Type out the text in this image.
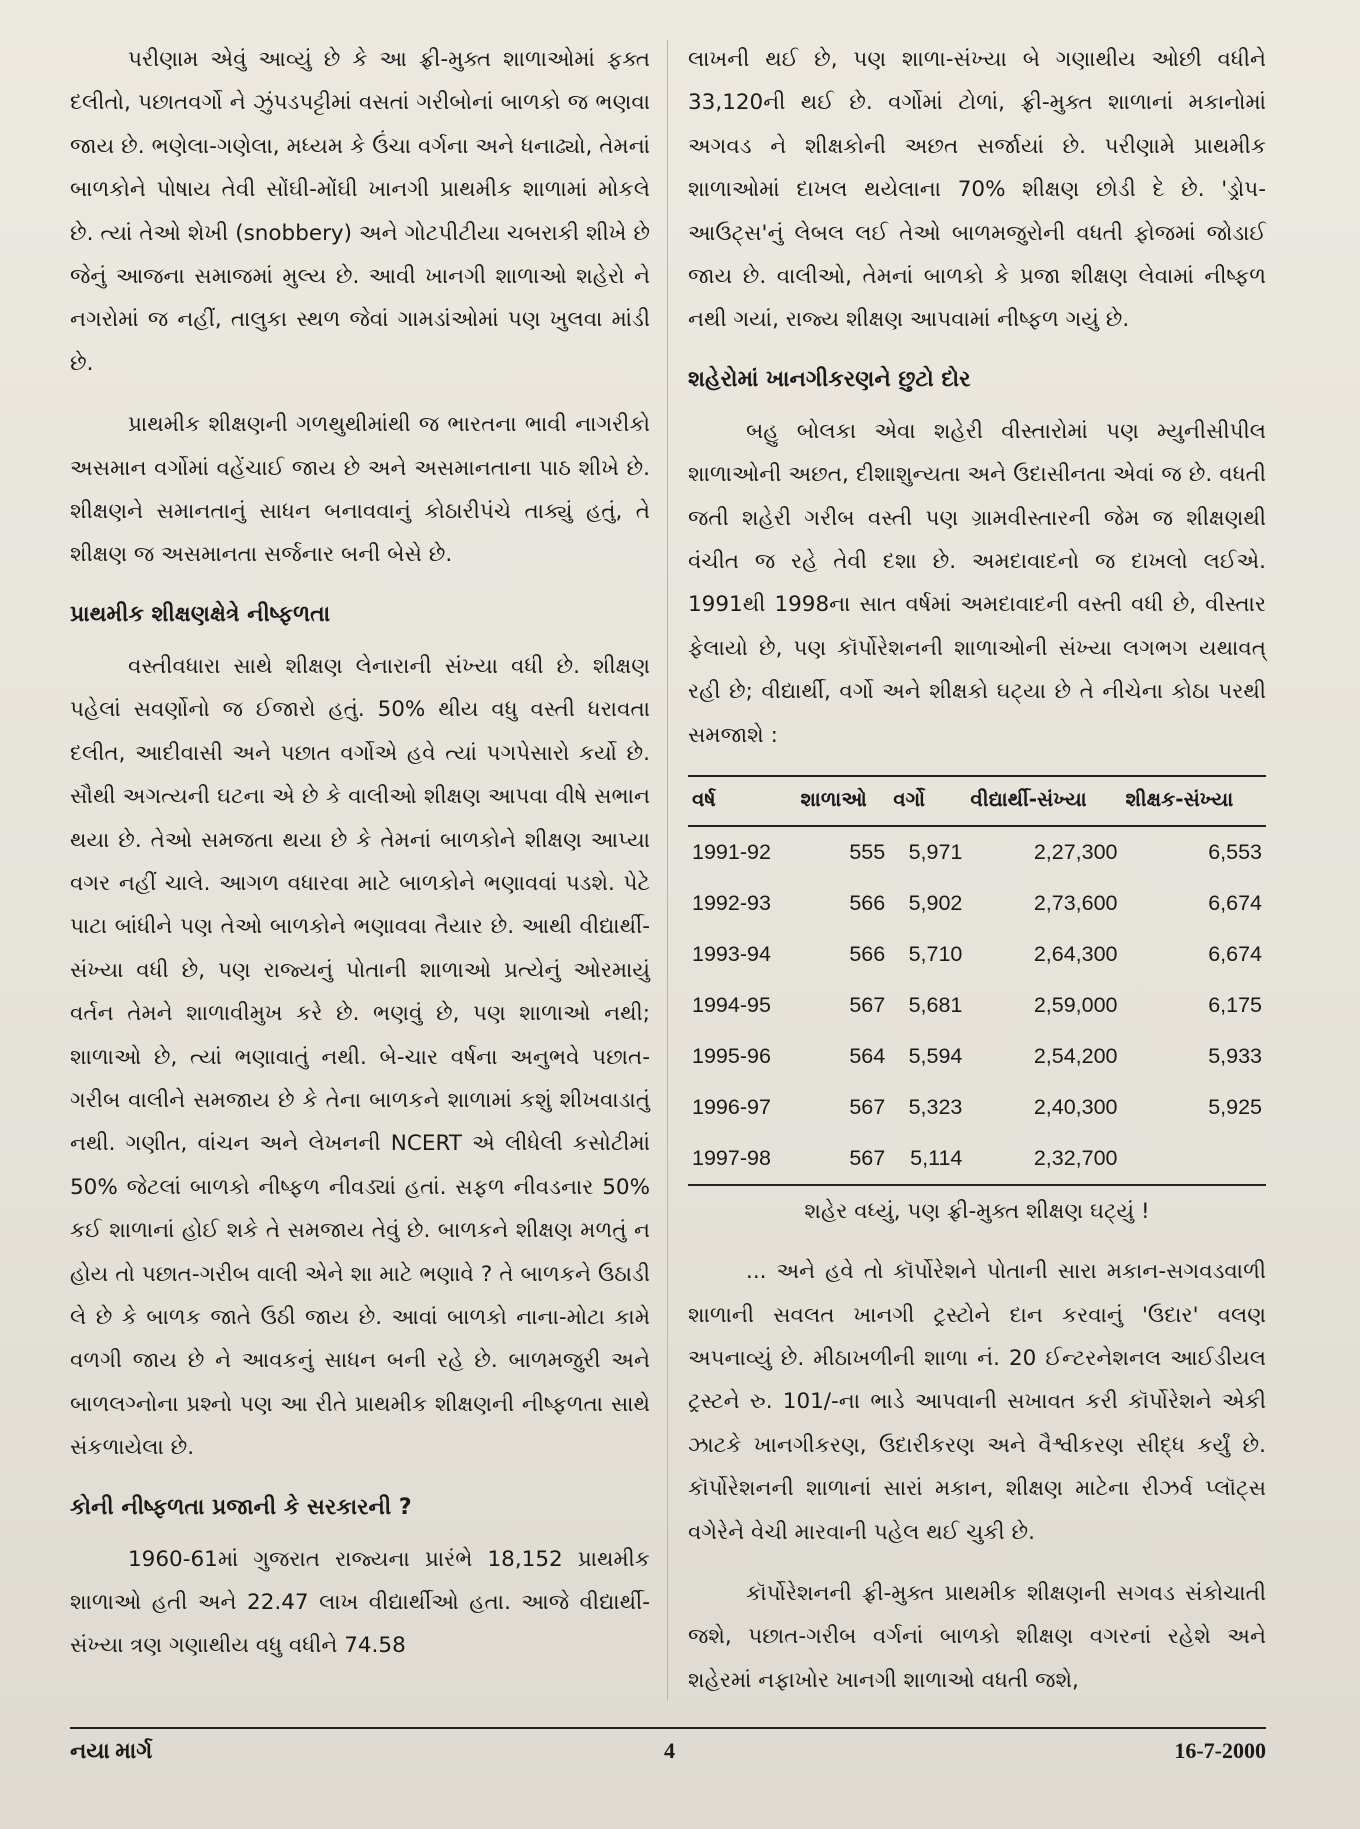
પરીણામ એવું આવ્યું છે કે આ ફ્રી-મુક્ત શાળાઓમાં ફક્ત દલીતો, પછાતવર્ગો ને ઝુંપડપટ્ટીમાં વસતાં ગરીબોનાં બાળકો જ ભણવા જાય છે. ભણેલા-ગણેલા, મધ્યમ કે ઉંચા વર્ગના અને ધનાઢ્યો, તેમનાં બાળકોને પોષાય તેવી સોંઘી-મોંઘી ખાનગી પ્રાથમીક શાળામાં મોકલે છે. ત્યાં તેઓ શેખી (snobbery) અને ગોટપીટીયા ચબરાકી શીખે છે જેનું આજના સમાજમાં મુલ્ય છે. આવી ખાનગી શાળાઓ શહેરો ને નગરોમાં જ નહીં, તાલુકા સ્થળ જેવાં ગામડાંઓમાં પણ ખુલવા માંડી છે.

પ્રાથમીક શીક્ષણની ગળથુથીમાંથી જ ભારતના ભાવી નાગરીકો અસમાન વર્ગોમાં વહેંચાઈ જાય છે અને અસમાનતાના પાઠ શીખે છે. શીક્ષણને સમાનતાનું સાધન બનાવવાનું કોઠારીપંચે તાક્યું હતું, તે શીક્ષણ જ અસમાનતા સર્જનાર બની બેસે છે.

પ્રાથમીક શીક્ષણક્ષેત્રે નીષ્ફળતા

વસ્તીવધારા સાથે શીક્ષણ લેનારાની સંખ્યા વધી છે. શીક્ષણ પહેલાં સવર્ણોનો જ ઈજારો હતું. 50% થીય વધુ વસ્તી ધરાવતા દલીત, આદીવાસી અને પછાત વર્ગોએ હવે ત્યાં પગપેસારો કર્યો છે. સૌથી અગત્યની ઘટના એ છે કે વાલીઓ શીક્ષણ આપવા વીષે સભાન થયા છે. તેઓ સમજતા થયા છે કે તેમનાં બાળકોને શીક્ષણ આપ્યા વગર નહીં ચાલે. આગળ વધારવા માટે બાળકોને ભણાવવાં પડશે. પેટે પાટા બાંધીને પણ તેઓ બાળકોને ભણાવવા તૈયાર છે. આથી વીદ્યાર્થી-સંખ્યા વધી છે, પણ રાજ્યનું પોતાની શાળાઓ પ્રત્યેનું ઓરમાયું વર્તન તેમને શાળાવીમુખ કરે છે. ભણવું છે, પણ શાળાઓ નથી; શાળાઓ છે, ત્યાં ભણાવાતું નથી. બે-ચાર વર્ષના અનુભવે પછાત-ગરીબ વાલીને સમજાય છે કે તેના બાળકને શાળામાં કશું શીખવાડાતું નથી. ગણીત, વાંચન અને લેખનની NCERT એ લીધેલી કસોટીમાં 50% જેટલાં બાળકો નીષ્ફળ નીવડ્યાં હતાં. સફળ નીવડનાર 50% કઈ શાળાનાં હોઈ શકે તે સમજાય તેવું છે. બાળકને શીક્ષણ મળતું ન હોય તો પછાત-ગરીબ વાલી એને શા માટે ભણાવે ? તે બાળકને ઉઠાડી લે છે કે બાળક જાતે ઉઠી જાય છે. આવાં બાળકો નાના-મોટા કામે વળગી જાય છે ને આવકનું સાધન બની રહે છે. બાળમજુરી અને બાળલગ્નોના પ્રશ્નો પણ આ રીતે પ્રાથમીક શીક્ષણની નીષ્ફળતા સાથે સંકળાયેલા છે.

કોની નીષ્ફળતા પ્રજાની કે સરકારની ?

1960-61માં ગુજરાત રાજ્યના પ્રારંભે 18,152 પ્રાથમીક શાળાઓ હતી અને 22.47 લાખ વીદ્યાર્થીઓ હતા. આજે વીદ્યાર્થી-સંખ્યા ત્રણ ગણાથીય વધુ વધીને 74.58

લાખની થઈ છે, પણ શાળા-સંખ્યા બે ગણાથીય ઓછી વધીને 33,120ની થઈ છે. વર્ગોમાં ટોળાં, ફ્રી-મુક્ત શાળાનાં મકાનોમાં અગવડ ને શીક્ષકોની અછત સર્જાયાં છે. પરીણામે પ્રાથમીક શાળાઓમાં દાખલ થયેલાના 70% શીક્ષણ છોડી દે છે. 'ડ્રોપ-આઉટ્સ'નું લેબલ લઈ તેઓ બાળમજુરોની વધતી ફોજમાં જોડાઈ જાય છે. વાલીઓ, તેમનાં બાળકો કે પ્રજા શીક્ષણ લેવામાં નીષ્ફળ નથી ગયાં, રાજ્ય શીક્ષણ આપવામાં નીષ્ફળ ગયું છે.

શહેરોમાં ખાનગીકરણને છુટો દોર

બહુ બોલકા એવા શહેરી વીસ્તારોમાં પણ મ્યુનીસીપીલ શાળાઓની અછત, દીશાશુન્યતા અને ઉદાસીનતા એવાં જ છે. વધતી જતી શહેરી ગરીબ વસ્તી પણ ગ્રામવીસ્તારની જેમ જ શીક્ષણથી વંચીત જ રહે તેવી દશા છે. અમદાવાદનો જ દાખલો લઈએ. 1991થી 1998ના સાત વર્ષમાં અમદાવાદની વસ્તી વધી છે, વીસ્તાર ફેલાયો છે, પણ કૉર્પોરેશનની શાળાઓની સંખ્યા લગભગ યથાવત્ રહી છે; વીદ્યાર્થી, વર્ગો અને શીક્ષકો ઘટ્યા છે તે નીચેના કોઠા પરથી સમજાશે :

વર્ષ	શાળાઓ	વર્ગો	વીદ્યાર્થી-સંખ્યા	શીક્ષક-સંખ્યા
1991-92	555	5,971	2,27,300	6,553
1992-93	566	5,902	2,73,600	6,674
1993-94	566	5,710	2,64,300	6,674
1994-95	567	5,681	2,59,000	6,175
1995-96	564	5,594	2,54,200	5,933
1996-97	567	5,323	2,40,300	5,925
1997-98	567	5,114	2,32,700	
શહેર વધ્યું, પણ ફ્રી-મુક્ત શીક્ષણ ઘટ્યું !

... અને હવે તો કૉર્પોરેશને પોતાની સારા મકાન-સગવડવાળી શાળાની સવલત ખાનગી ટ્રસ્ટોને દાન કરવાનું 'ઉદાર' વલણ અપનાવ્યું છે. મીઠાખળીની શાળા નં. 20 ઈન્ટરનેશનલ આઈડીયલ ટ્રસ્ટને રુ. 101/-ના ભાડે આપવાની સખાવત કરી કૉર્પોરેશને એકી ઝાટકે ખાનગીકરણ, ઉદારીકરણ અને વૈશ્વીકરણ સીદ્ધ કર્યું છે. કૉર્પોરેશનની શાળાનાં સારાં મકાન, શીક્ષણ માટેના રીઝર્વ પ્લૉટ્સ વગેરેને વેચી મારવાની પહેલ થઈ ચુકી છે.

કૉર્પોરેશનની ફ્રી-મુક્ત પ્રાથમીક શીક્ષણની સગવડ સંકોચાતી જશે, પછાત-ગરીબ વર્ગનાં બાળકો શીક્ષણ વગરનાં રહેશે અને શહેરમાં નફાખોર ખાનગી શાળાઓ વધતી જશે,

નયા માર્ગ	4	16-7-2000
